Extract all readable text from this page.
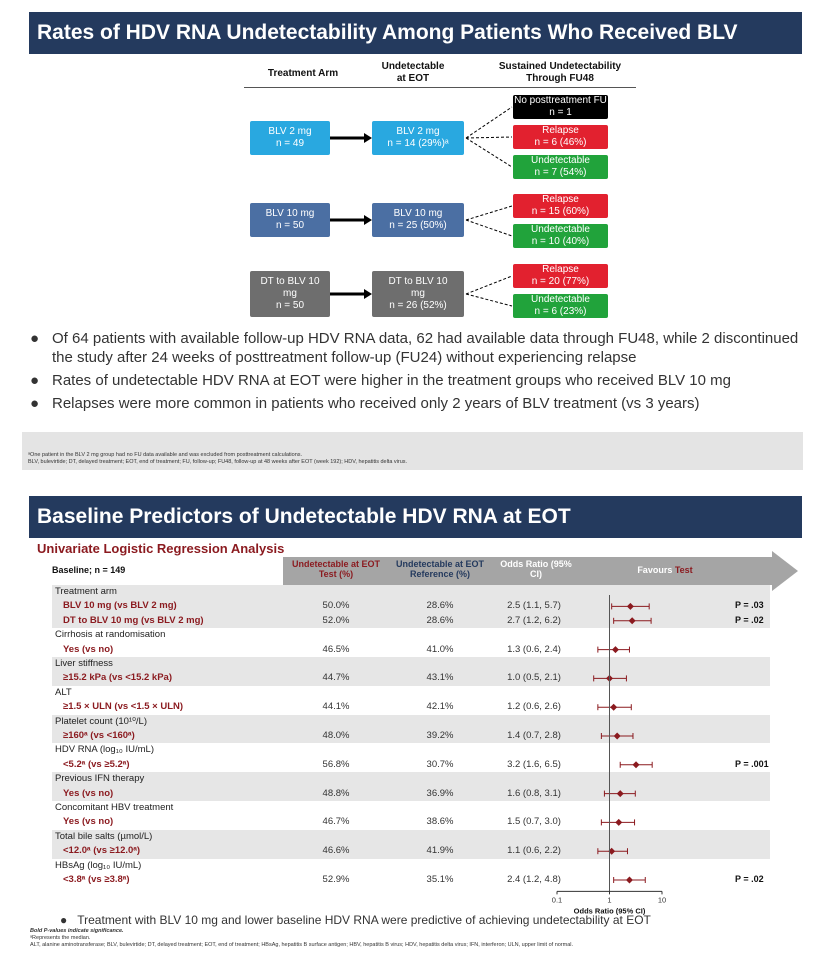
Rates of HDV RNA Undetectability Among Patients Who Received BLV
Treatment Arm
Undetectable at EOT
Sustained Undetectability Through FU48
BLV 2 mg
n = 49
BLV 2 mg
n = 14 (29%)ᵃ
No posttreatment FU
n = 1
Relapse
n = 6 (46%)
Undetectable
n = 7 (54%)
BLV 10 mg
n = 50
BLV 10 mg
n = 25 (50%)
Relapse
n = 15 (60%)
Undetectable
n = 10 (40%)
DT to BLV 10
mg
n = 50
DT to BLV 10
mg
n = 26 (52%)
Relapse
n = 20 (77%)
Undetectable
n = 6 (23%)
● Of 64 patients with available follow-up HDV RNA data, 62 had available data through FU48, while 2 discontinued the study after 24 weeks of posttreatment follow-up (FU24) without experiencing relapse
● Rates of undetectable HDV RNA at EOT were higher in the treatment groups who received BLV 10 mg
● Relapses were more common in patients who received only 2 years of BLV treatment (vs 3 years)
ᵃOne patient in the BLV 2 mg group had no FU data available and was excluded from posttreatment calculations.
BLV, bulevirtide; DT, delayed treatment; EOT, end of treatment; FU, follow-up; FU48, follow-up at 48 weeks after EOT (week 192); HDV, hepatitis delta virus.
Baseline Predictors of Undetectable HDV RNA at EOT
Univariate Logistic Regression Analysis
Baseline; n = 149
Undetectable at EOT Test (%)
Undetectable at EOT Reference (%)
Odds Ratio (95% CI)	Favours Test
Treatment arm
BLV 10 mg (vs BLV 2 mg)	50.0%	28.6%	2.5 (1.1, 5.7)	P = .03
DT to BLV 10 mg (vs BLV 2 mg)	52.0%	28.6%	2.7 (1.2, 6.2)	P = .02
Cirrhosis at randomisation
Yes (vs no)	46.5%	41.0%	1.3 (0.6, 2.4)
Liver stiffness
≥15.2 kPa (vs <15.2 kPa)	44.7%	43.1%	1.0 (0.5, 2.1)
ALT
≥1.5 × ULN (vs <1.5 × ULN)	44.1%	42.1%	1.2 (0.6, 2.6)
Platelet count (10¹⁰/L)
≥160ᵃ (vs <160ᵃ)	48.0%	39.2%	1.4 (0.7, 2.8)
HDV RNA (log₁₀ IU/mL)
<5.2ᵃ (vs ≥5.2ᵃ)	56.8%	30.7%	3.2 (1.6, 6.5)	P = .001
Previous IFN therapy
Yes (vs no)	48.8%	36.9%	1.6 (0.8, 3.1)
Concomitant HBV treatment
Yes (vs no)	46.7%	38.6%	1.5 (0.7, 3.0)
Total bile salts (µmol/L)
<12.0ᵃ (vs ≥12.0ᵃ)	46.6%	41.9%	1.1 (0.6, 2.2)
HBsAg (log₁₀ IU/mL)
<3.8ᵃ (vs ≥3.8ᵃ)	52.9%	35.1%	2.4 (1.2, 4.8)	P = .02
0.1	1	10
Odds Ratio (95% CI)
●   Treatment with BLV 10 mg and lower baseline HDV RNA were predictive of achieving undetectability at EOT
Bold P-values indicate significance.
ᵃRepresents the median.
ALT, alanine aminotransferase; BLV, bulevirtide; DT, delayed treatment; EOT, end of treatment; HBsAg, hepatitis B surface antigen; HBV, hepatitis B virus; HDV, hepatitis delta virus; IFN, interferon; ULN, upper limit of normal.
